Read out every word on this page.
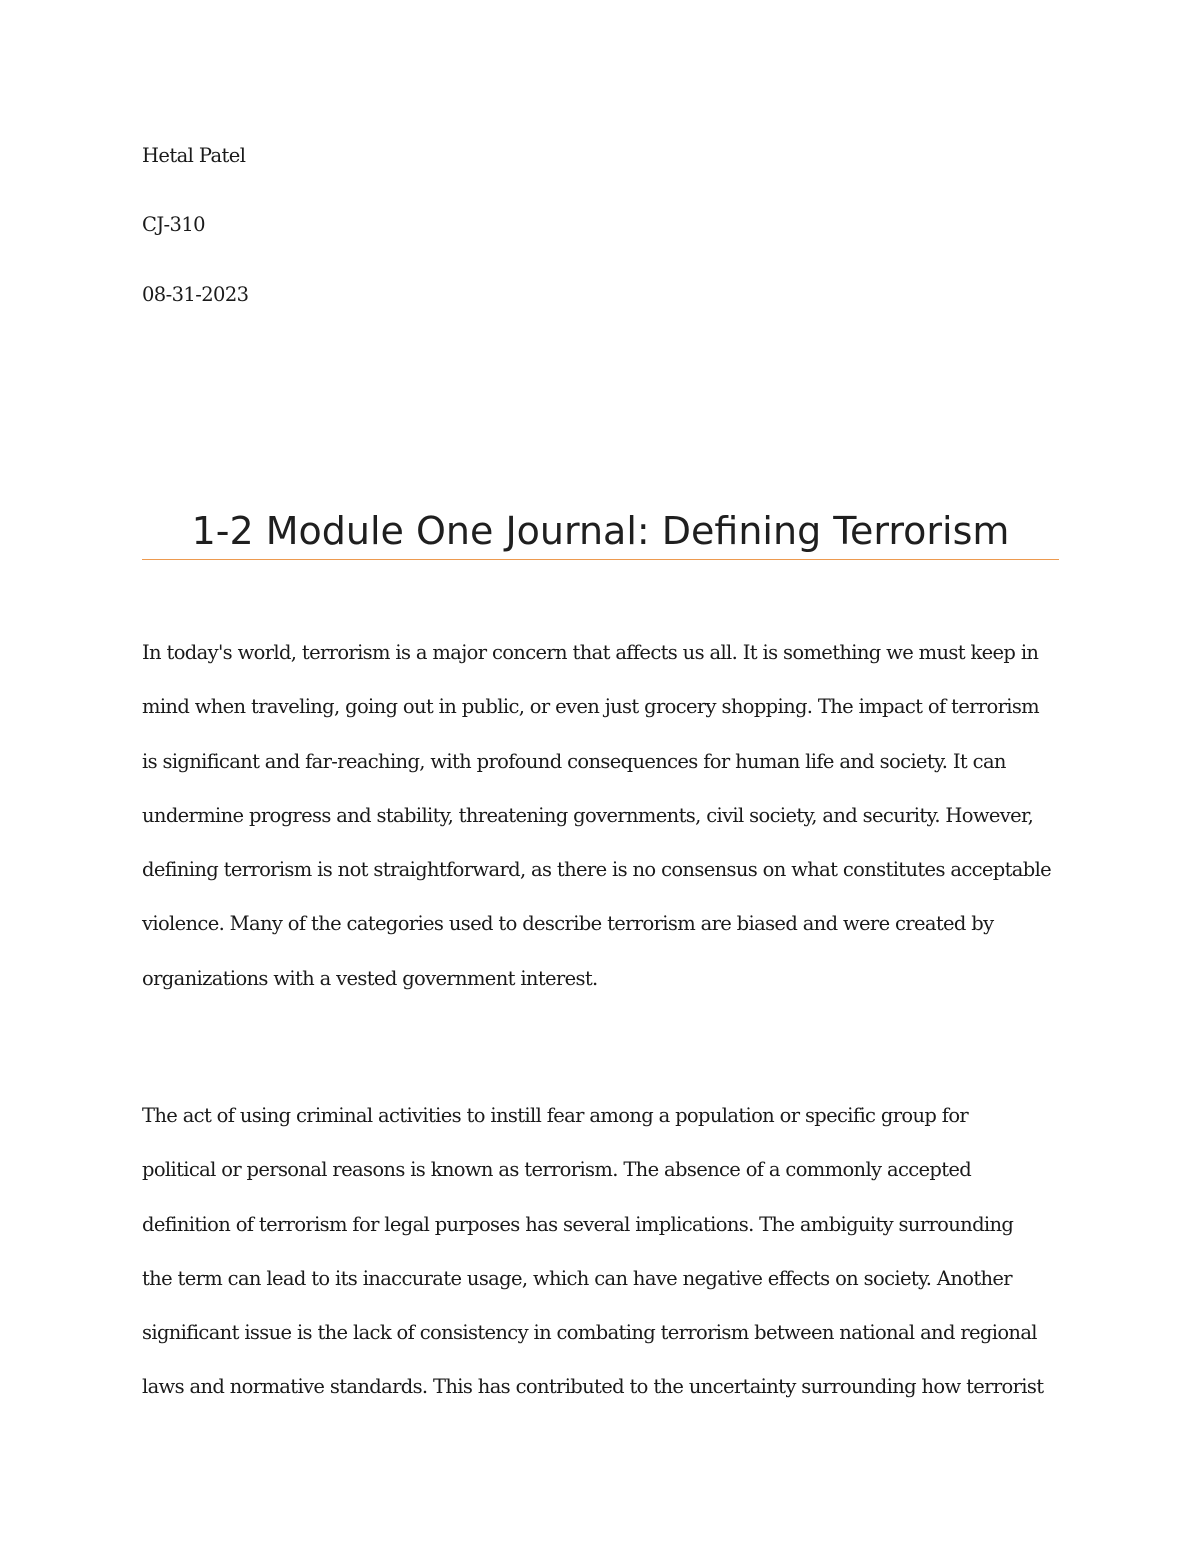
Hetal Patel
CJ-310
08-31-2023
1-2 Module One Journal: Defining Terrorism
In today's world, terrorism is a major concern that affects us all. It is something we must keep in
mind when traveling, going out in public, or even just grocery shopping. The impact of terrorism
is significant and far-reaching, with profound consequences for human life and society. It can
undermine progress and stability, threatening governments, civil society, and security. However,
defining terrorism is not straightforward, as there is no consensus on what constitutes acceptable
violence. Many of the categories used to describe terrorism are biased and were created by
organizations with a vested government interest.
The act of using criminal activities to instill fear among a population or specific group for
political or personal reasons is known as terrorism. The absence of a commonly accepted
definition of terrorism for legal purposes has several implications. The ambiguity surrounding
the term can lead to its inaccurate usage, which can have negative effects on society. Another
significant issue is the lack of consistency in combating terrorism between national and regional
laws and normative standards. This has contributed to the uncertainty surrounding how terrorist
